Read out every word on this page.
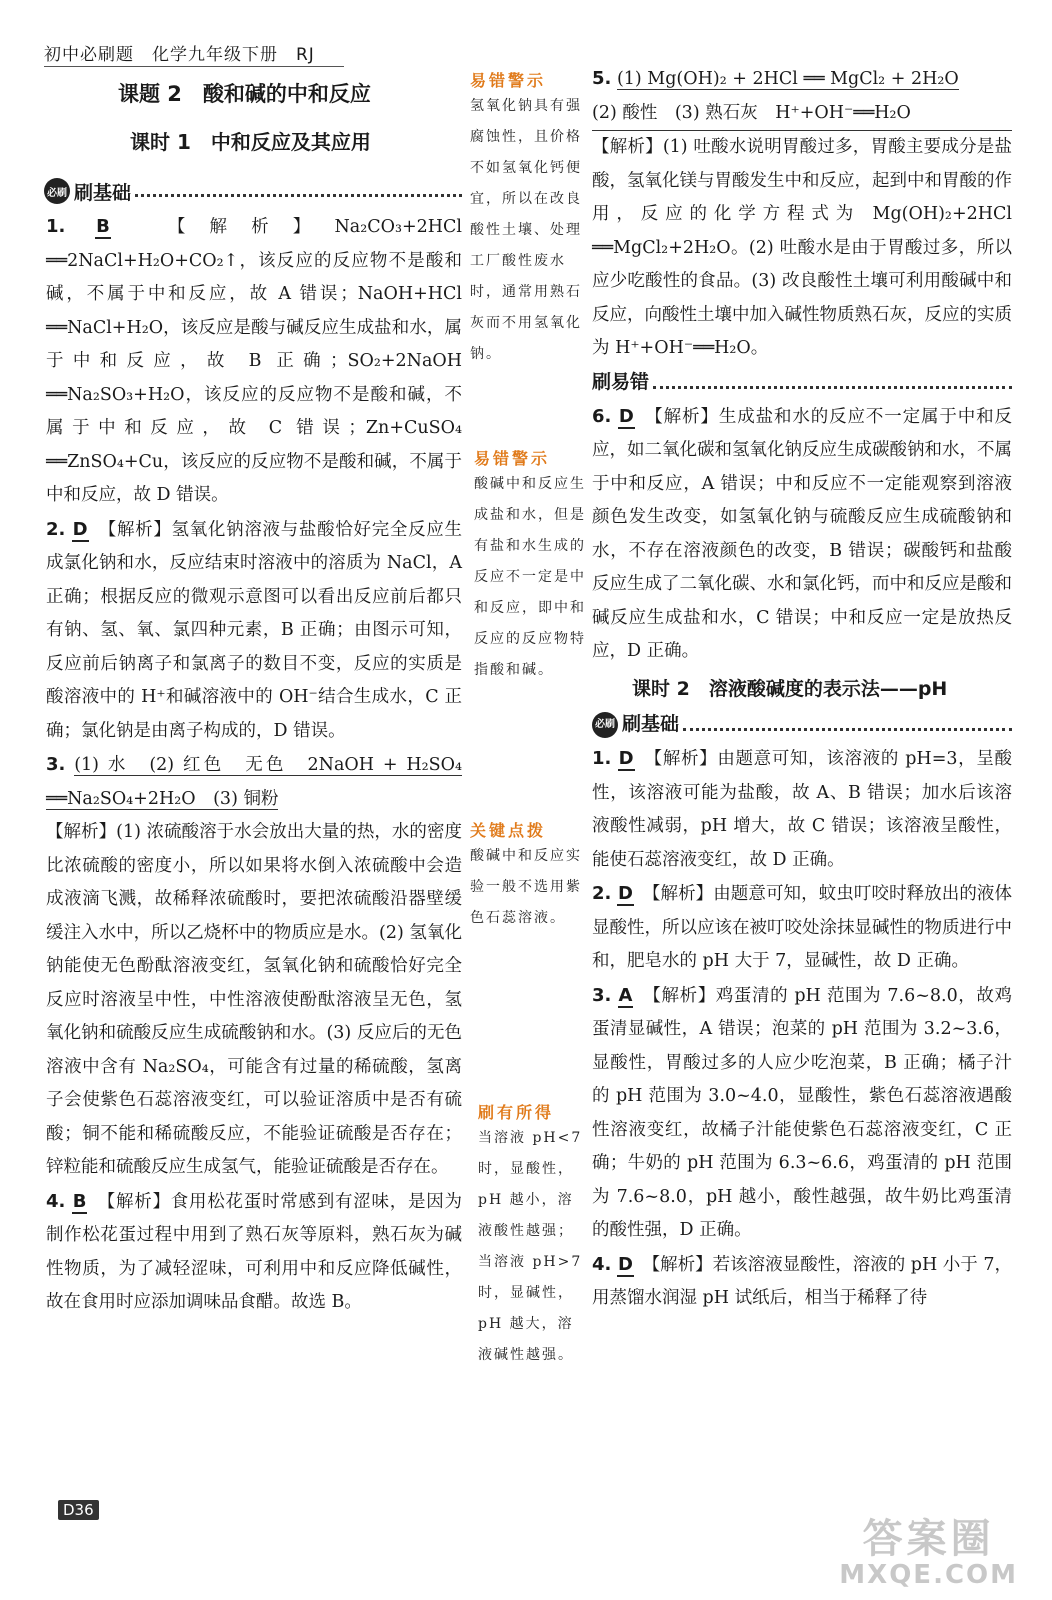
初中必刷题　化学九年级下册　RJ
课题 2　酸和碱的中和反应
课时 1　中和反应及其应用
必刷 刷基础

1. B　	【解析】Na₂CO₃+2HCl ══2NaCl+H₂O+CO₂↑，该反应的反应物不是酸和碱，不属于中和反应，故 A 错误；NaOH+HCl ══NaCl+H₂O，该反应是酸与碱反应生成盐和水，属于中和反应，故 B 正确；SO₂+2NaOH ══Na₂SO₃+H₂O，该反应的反应物不是酸和碱，不属于中和反应，故 C 错误；Zn+CuSO₄ ══ZnSO₄+Cu，该反应的反应物不是酸和碱，不属于中和反应，故 D 错误。

2. D　 【解析】氢氧化钠溶液与盐酸恰好完全反应生成氯化钠和水，反应结束时溶液中的溶质为 NaCl，A 正确；根据反应的微观示意图可以看出反应前后都只有钠、氢、氧、氯四种元素，B 正确；由图示可知，反应前后钠离子和氯离子的数目不变，反应的实质是酸溶液中的 H⁺和碱溶液中的 OH⁻结合生成水，C 正确；氯化钠是由离子构成的，D 错误。

3. (1) 水　(2) 红色　无色　2NaOH + H₂SO₄ ══Na₂SO₄+2H₂O　(3) 铜粉

【解析】(1) 浓硫酸溶于水会放出大量的热，水的密度比浓硫酸的密度小，所以如果将水倒入浓硫酸中会造成液滴飞溅，故稀释浓硫酸时，要把浓硫酸沿器壁缓缓注入水中，所以乙烧杯中的物质应是水。(2) 氢氧化钠能使无色酚酞溶液变红，氢氧化钠和硫酸恰好完全反应时溶液呈中性，中性溶液使酚酞溶液呈无色，氢氧化钠和硫酸反应生成硫酸钠和水。(3) 反应后的无色溶液中含有 Na₂SO₄，可能含有过量的稀硫酸，氢离子会使紫色石蕊溶液变红，可以验证溶质中是否有硫酸；铜不能和稀硫酸反应，不能验证硫酸是否存在；锌粒能和硫酸反应生成氢气，能验证硫酸是否存在。

4. B　 【解析】食用松花蛋时常感到有涩味，是因为制作松花蛋过程中用到了熟石灰等原料，熟石灰为碱性物质，为了减轻涩味，可利用中和反应降低碱性，故在食用时应添加调味品食醋。故选 B。

易错警示
氢氧化钠具有强腐蚀性，且价格不如氢氧化钙便宜，所以在改良酸性土壤、处理工厂酸性废水时，通常用熟石灰而不用氢氧化钠。
易错警示
酸碱中和反应生成盐和水，但是有盐和水生成的反应不一定是中和反应，即中和反应的反应物特指酸和碱。
关键点拨
酸碱中和反应实验一般不选用紫色石蕊溶液。
刷有所得
当溶液 pH<7 时，显酸性，pH 越小，溶液酸性越强；当溶液 pH>7 时，显碱性，pH 越大，溶液碱性越强。

5. (1) Mg(OH)₂ + 2HCl ══ MgCl₂ + 2H₂O

(2) 酸性　(3) 熟石灰　H⁺+OH⁻══H₂O

【解析】(1) 吐酸水说明胃酸过多，胃酸主要成分是盐酸，氢氧化镁与胃酸发生中和反应，起到中和胃酸的作用，反应的化学方程式为 Mg(OH)₂+2HCl ══MgCl₂+2H₂O。(2) 吐酸水是由于胃酸过多，所以应少吃酸性的食品。(3) 改良酸性土壤可利用酸碱中和反应，向酸性土壤中加入碱性物质熟石灰，反应的实质为 H⁺+OH⁻══H₂O。

刷易错

6. D　 【解析】生成盐和水的反应不一定属于中和反应，如二氧化碳和氢氧化钠反应生成碳酸钠和水，不属于中和反应，A 错误；中和反应不一定能观察到溶液颜色发生改变，如氢氧化钠与硫酸反应生成硫酸钠和水，不存在溶液颜色的改变，B 错误；碳酸钙和盐酸反应生成了二氧化碳、水和氯化钙，而中和反应是酸和碱反应生成盐和水，C 错误；中和反应一定是放热反应，D 正确。

课时 2　溶液酸碱度的表示法——pH

必刷 刷基础

1. D　 【解析】由题意可知，该溶液的 pH=3，呈酸性，该溶液可能为盐酸，故 A、B 错误；加水后该溶液酸性减弱，pH 增大，故 C 错误；该溶液呈酸性，能使石蕊溶液变红，故 D 正确。

2. D　 【解析】由题意可知，蚊虫叮咬时释放出的液体显酸性，所以应该在被叮咬处涂抹显碱性的物质进行中和，肥皂水的 pH 大于 7，显碱性，故 D 正确。

3. A　 【解析】鸡蛋清的 pH 范围为 7.6~8.0，故鸡蛋清显碱性，A 错误；泡菜的 pH 范围为 3.2~3.6，显酸性，胃酸过多的人应少吃泡菜，B 正确；橘子汁的 pH 范围为 3.0~4.0，显酸性，紫色石蕊溶液遇酸性溶液变红，故橘子汁能使紫色石蕊溶液变红，C 正确；牛奶的 pH 范围为 6.3~6.6，鸡蛋清的 pH 范围为 7.6~8.0，pH 越小，酸性越强，故牛奶比鸡蛋清的酸性强，D 正确。

4. D　 【解析】若该溶液显酸性，溶液的 pH 小于 7，用蒸馏水润湿 pH 试纸后，相当于稀释了待

D36
答案圈
MXQE.COM
